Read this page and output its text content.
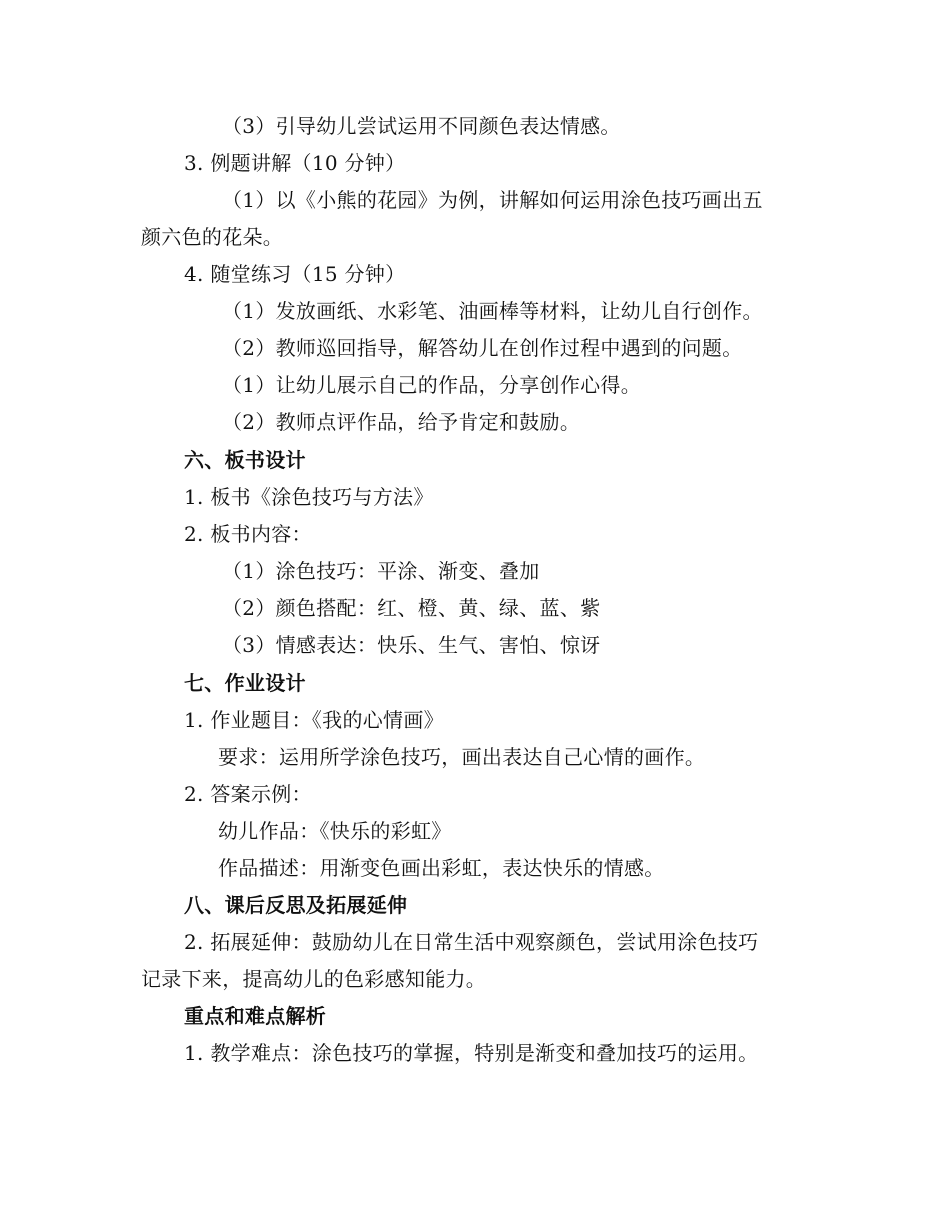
（3）引导幼儿尝试运用不同颜色表达情感。
3. 例题讲解（10 分钟）
（1）以《小熊的花园》为例，讲解如何运用涂色技巧画出五
颜六色的花朵。
4. 随堂练习（15 分钟）
（1）发放画纸、水彩笔、油画棒等材料，让幼儿自行创作。
（2）教师巡回指导，解答幼儿在创作过程中遇到的问题。
（1）让幼儿展示自己的作品，分享创作心得。
（2）教师点评作品，给予肯定和鼓励。
六、板书设计
1. 板书《涂色技巧与方法》
2. 板书内容：
（1）涂色技巧：平涂、渐变、叠加
（2）颜色搭配：红、橙、黄、绿、蓝、紫
（3）情感表达：快乐、生气、害怕、惊讶
七、作业设计
1. 作业题目：《我的心情画》
要求：运用所学涂色技巧，画出表达自己心情的画作。
2. 答案示例：
幼儿作品：《快乐的彩虹》
作品描述：用渐变色画出彩虹，表达快乐的情感。
八、课后反思及拓展延伸
2. 拓展延伸：鼓励幼儿在日常生活中观察颜色，尝试用涂色技巧
记录下来，提高幼儿的色彩感知能力。
重点和难点解析
1. 教学难点：涂色技巧的掌握，特别是渐变和叠加技巧的运用。
